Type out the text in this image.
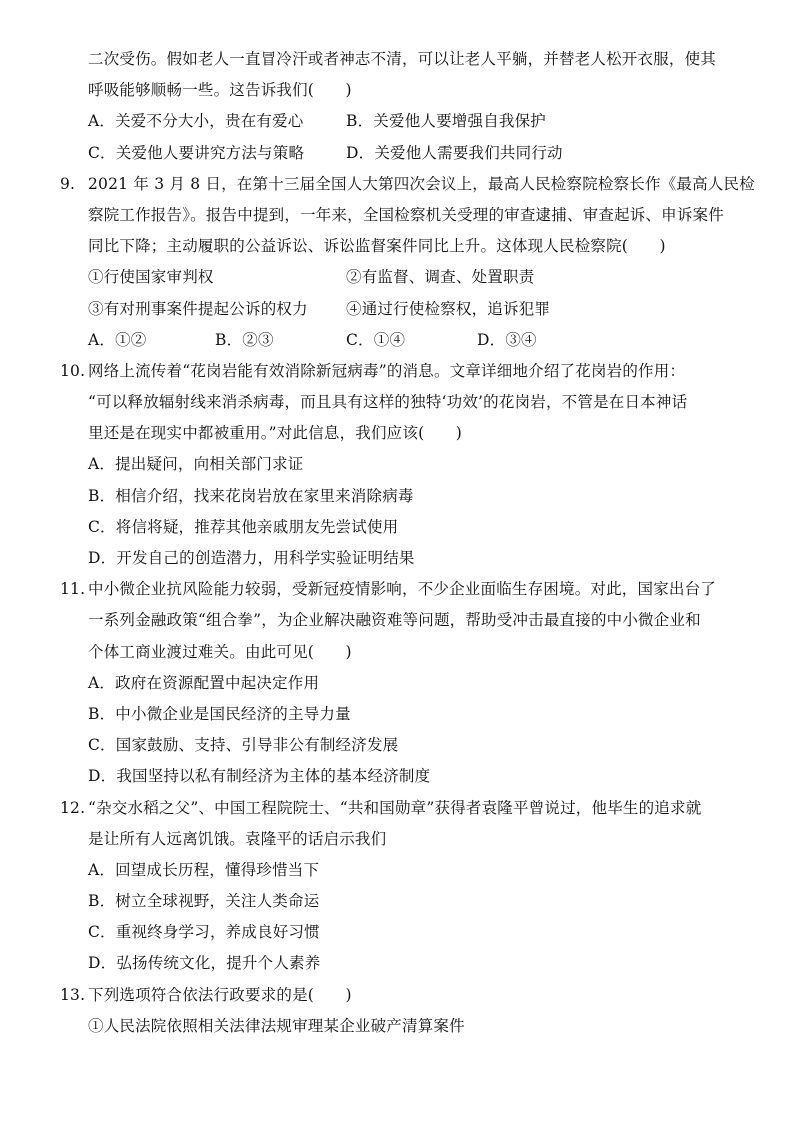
二次受伤。假如老人一直冒冷汗或者神志不清，可以让老人平躺，并替老人松开衣服，使其
呼吸能够顺畅一些。这告诉我们(　　)
A．关爱不分大小，贵在有爱心	B．关爱他人要增强自我保护
C．关爱他人要讲究方法与策略	D．关爱他人需要我们共同行动
9. 2021 年 3 月 8 日，在第十三届全国人大第四次会议上，最高人民检察院检察长作《最高人民检
察院工作报告》。报告中提到，一年来，全国检察机关受理的审查逮捕、审查起诉、申诉案件
同比下降；主动履职的公益诉讼、诉讼监督案件同比上升。这体现人民检察院(　　)
①行使国家审判权	②有监督、调查、处置职责
③有对刑事案件提起公诉的权力 ④通过行使检察权，追诉犯罪
A．①②	B．②③	C．①④	D．③④
10. 网络上流传着“花岗岩能有效消除新冠病毒”的消息。文章详细地介绍了花岗岩的作用：
“可以释放辐射线来消杀病毒，而且具有这样的独特‘功效’的花岗岩，不管是在日本神话
里还是在现实中都被重用。”对此信息，我们应该(　　)
A．提出疑问，向相关部门求证
B．相信介绍，找来花岗岩放在家里来消除病毒
C．将信将疑，推荐其他亲戚朋友先尝试使用
D．开发自己的创造潜力，用科学实验证明结果
11. 中小微企业抗风险能力较弱，受新冠疫情影响，不少企业面临生存困境。对此，国家出台了
一系列金融政策“组合拳”，为企业解决融资难等问题，帮助受冲击最直接的中小微企业和
个体工商业渡过难关。由此可见(　　)
A．政府在资源配置中起决定作用
B．中小微企业是国民经济的主导力量
C．国家鼓励、支持、引导非公有制经济发展
D．我国坚持以私有制经济为主体的基本经济制度
12. “杂交水稻之父”、中国工程院院士、“共和国勋章”获得者袁隆平曾说过，他毕生的追求就
是让所有人远离饥饿。袁隆平的话启示我们
A．回望成长历程，懂得珍惜当下
B．树立全球视野，关注人类命运
C．重视终身学习，养成良好习惯
D．弘扬传统文化，提升个人素养
13. 下列选项符合依法行政要求的是(　　)
①人民法院依照相关法律法规审理某企业破产清算案件
